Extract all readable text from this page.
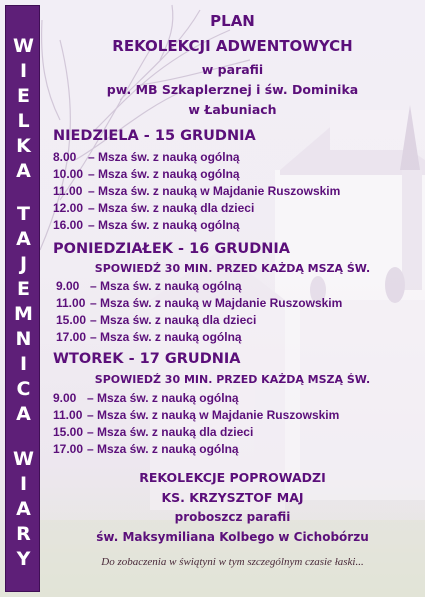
W
I
E
L
K
A
T
A
J
E
M
N
I
C
A
W
I
A
R
Y
PLAN
REKOLEKCJI ADWENTOWYCH
w parafii
pw. MB Szkaplerznej i św. Dominika
w Łabuniach
NIEDZIELA - 15 GRUDNIA
8.00 – Msza św. z nauką ogólną
10.00 – Msza św. z nauką ogólną
11.00 – Msza św. z nauką w Majdanie Ruszowskim
12.00 – Msza św. z nauką dla dzieci
16.00 – Msza św. z nauką ogólną
PONIEDZIAŁEK - 16 GRUDNIA
SPOWIEDŹ 30 MIN. PRZED KAŻDĄ MSZĄ ŚW.
9.00 – Msza św. z nauką ogólną
11.00 – Msza św. z nauką w Majdanie Ruszowskim
15.00 – Msza św. z nauką dla dzieci
17.00 – Msza św. z nauką ogólną
WTOREK - 17 GRUDNIA
SPOWIEDŹ 30 MIN. PRZED KAŻDĄ MSZĄ ŚW.
9.00 – Msza św. z nauką ogólną
11.00 – Msza św. z nauką w Majdanie Ruszowskim
15.00 – Msza św. z nauką dla dzieci
17.00 – Msza św. z nauką ogólną
REKOLEKCJE POPROWADZI
KS. KRZYSZTOF MAJ
proboszcz parafii
św. Maksymiliana Kolbego w Cichobórzu
Do zobaczenia w świątyni w tym szczególnym czasie łaski...
